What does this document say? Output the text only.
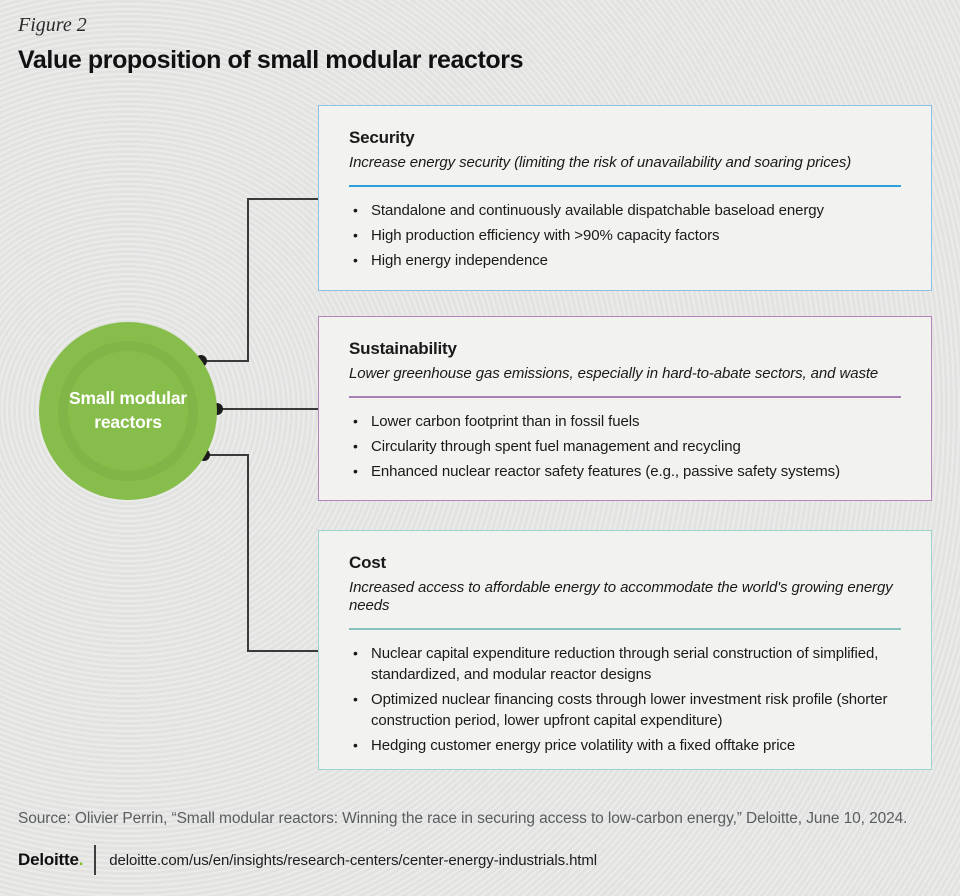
Figure 2
Value proposition of small modular reactors
Small modular
reactors
Security
Increase energy security (limiting the risk of unavailability and soaring prices)
• Standalone and continuously available dispatchable baseload energy
• High production efficiency with >90% capacity factors
• High energy independence
Sustainability
Lower greenhouse gas emissions, especially in hard-to-abate sectors, and waste
• Lower carbon footprint than in fossil fuels
• Circularity through spent fuel management and recycling
• Enhanced nuclear reactor safety features (e.g., passive safety systems)
Cost
Increased access to affordable energy to accommodate the world's growing energy needs
• Nuclear capital expenditure reduction through serial construction of simplified, standardized, and modular reactor designs
• Optimized nuclear financing costs through lower investment risk profile (shorter construction period, lower upfront capital expenditure)
• Hedging customer energy price volatility with a fixed offtake price
Source: Olivier Perrin, “Small modular reactors: Winning the race in securing access to low-carbon energy,” Deloitte, June 10, 2024.
Deloitte. deloitte.com/us/en/insights/research-centers/center-energy-industrials.html
